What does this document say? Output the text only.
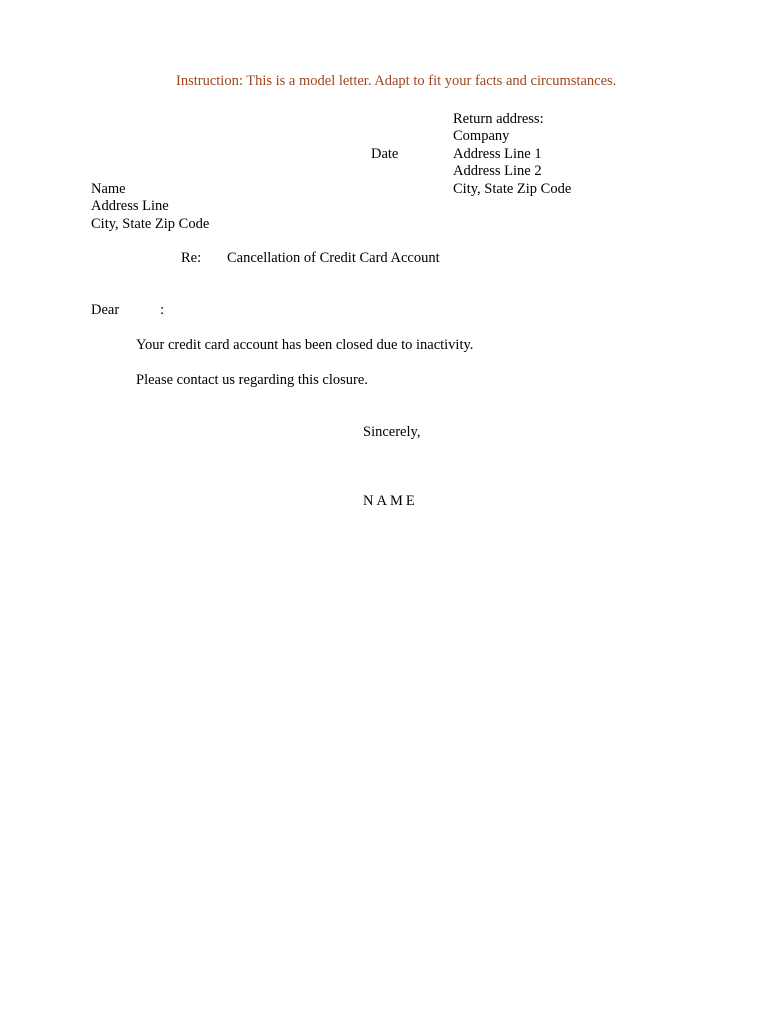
Instruction: This is a model letter. Adapt to fit your facts and circumstances.
Return address:
Company
Address Line 1
Address Line 2
City, State Zip Code
Date
Name
Address Line
City, State Zip Code
Re: Cancellation of Credit Card Account
Dear	:
Your credit card account has been closed due to inactivity.
Please contact us regarding this closure.
Sincerely,
NAME
